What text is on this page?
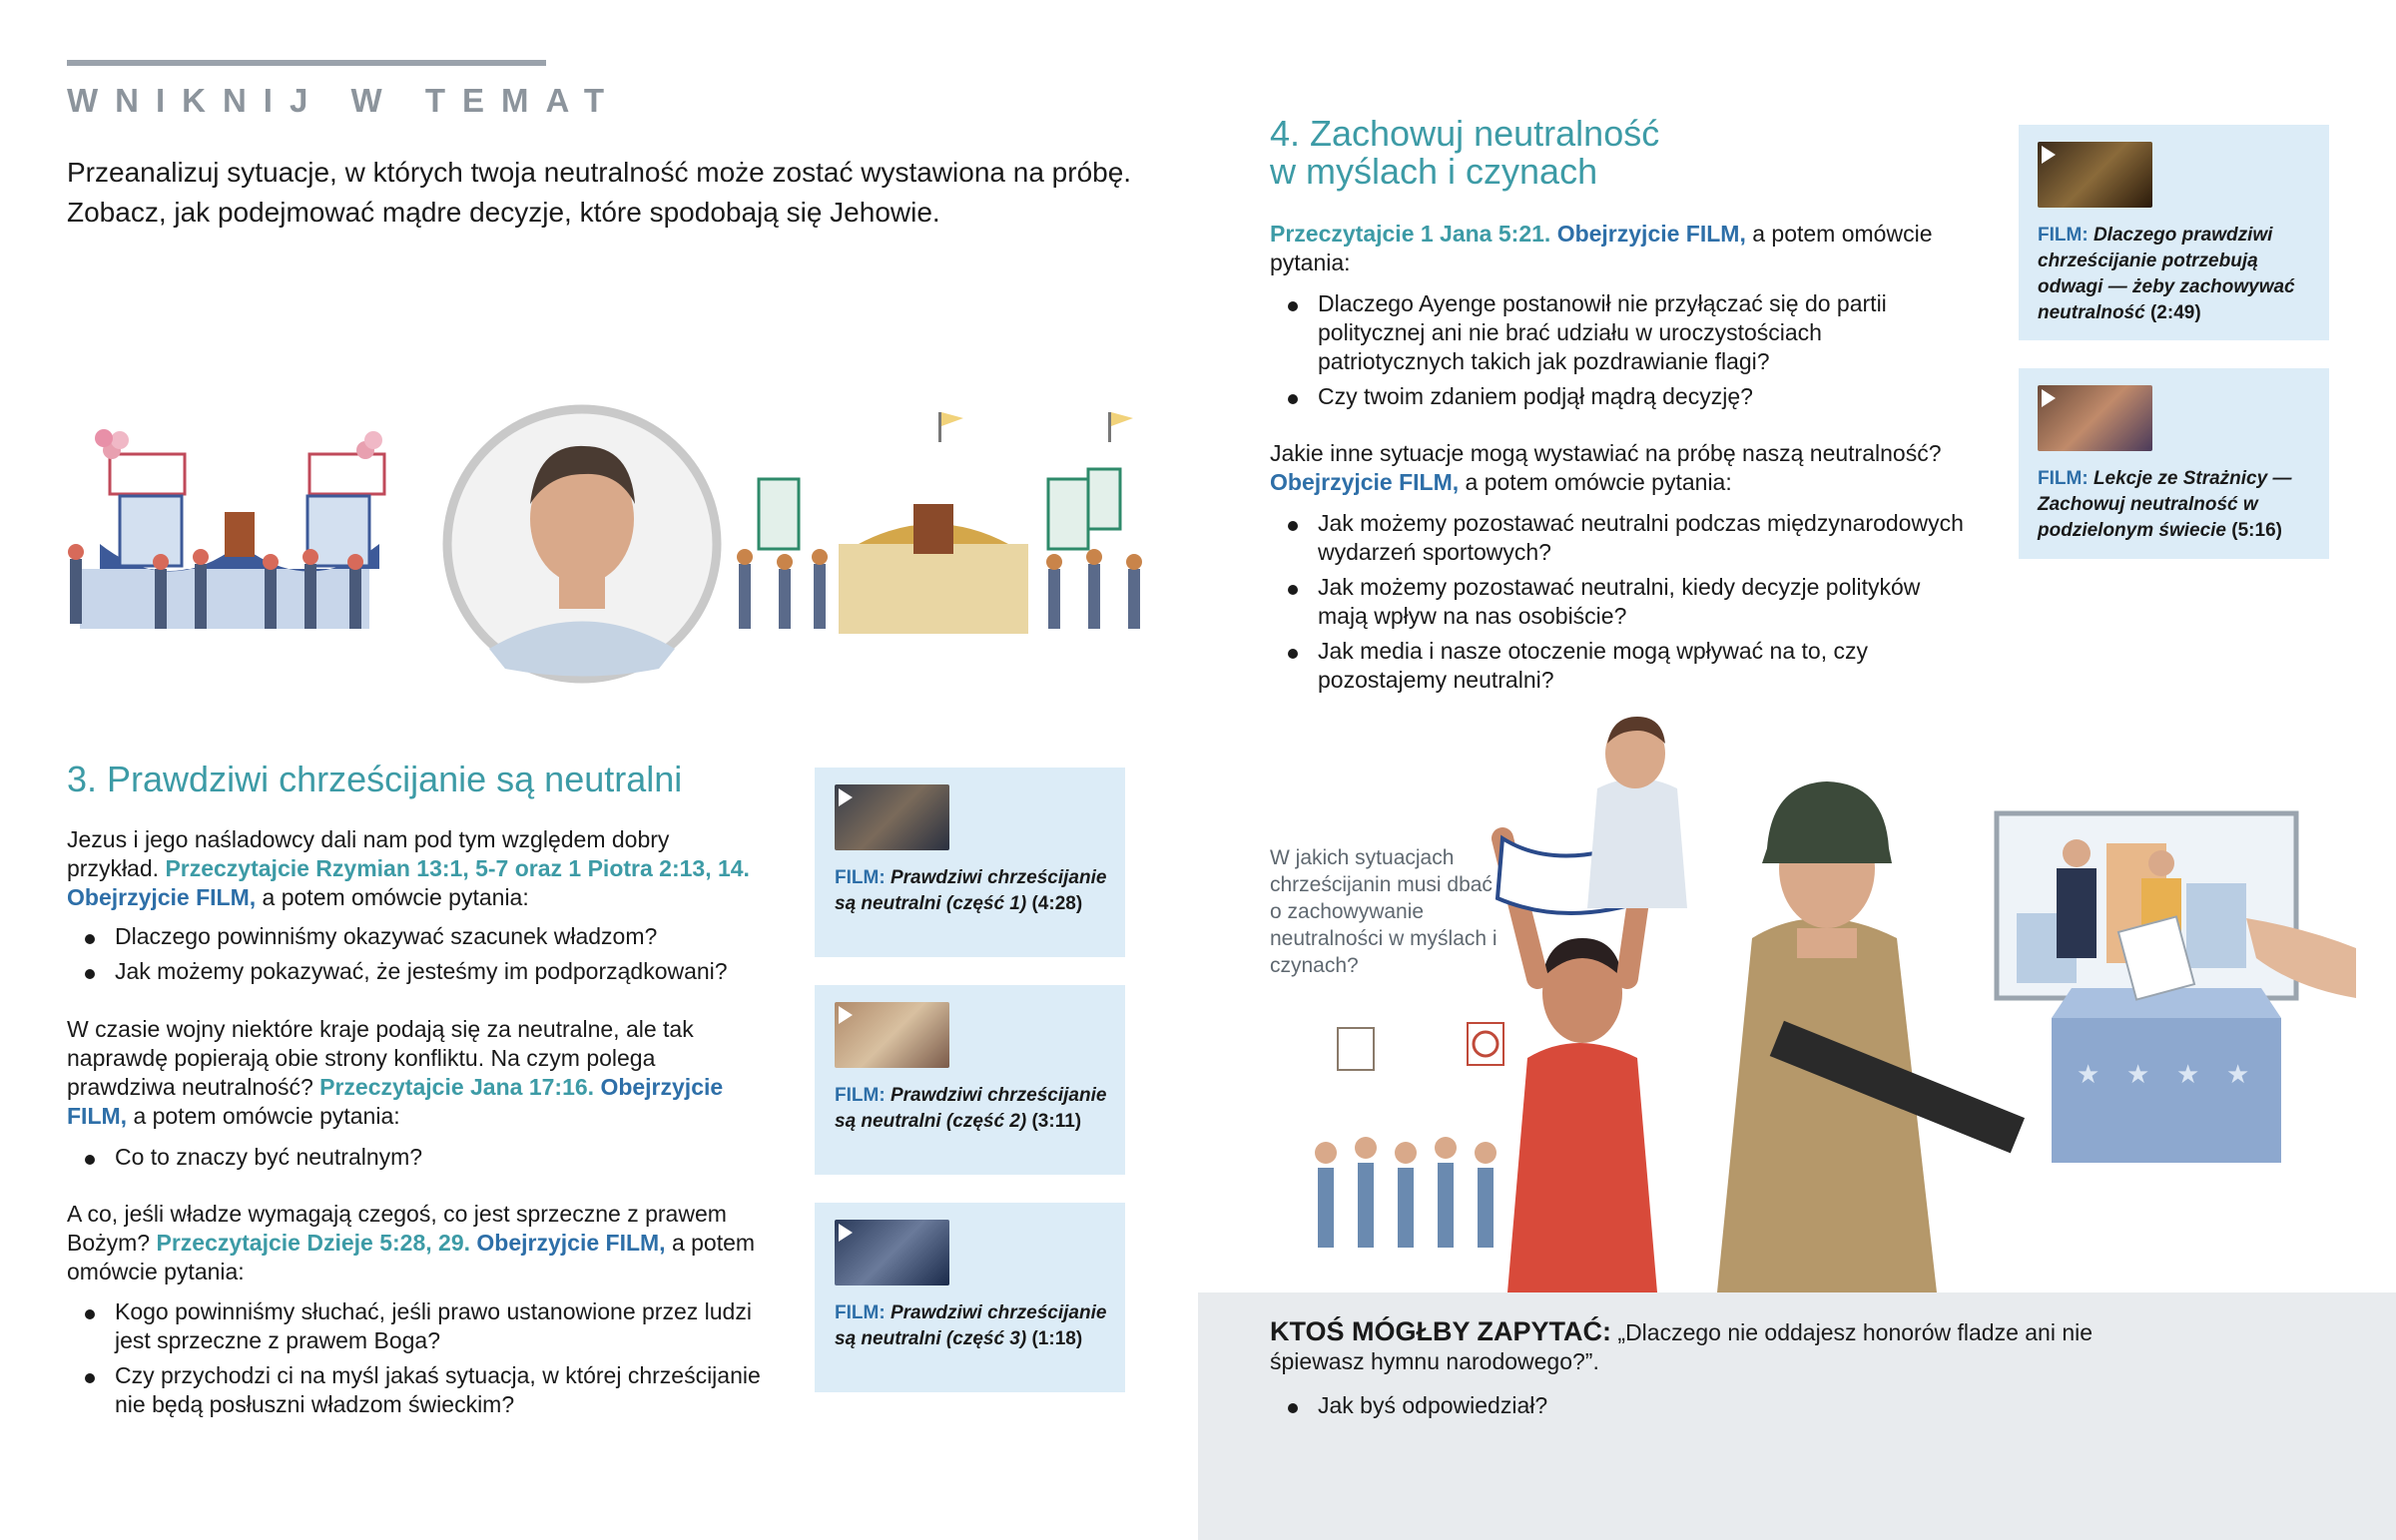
WNIKNIJ W TEMAT

Przeanalizuj sytuacje, w których twoja neutralność może zostać wystawiona na próbę. Zobacz, jak podejmować mądre decyzje, które spodobają się Jehowie.

3. Prawdziwi chrześcijanie są neutralni

Jezus i jego naśladowcy dali nam pod tym względem dobry przykład. Przeczytajcie Rzymian 13:1, 5-7 oraz 1 Piotra 2:13, 14. Obejrzyjcie FILM, a potem omówcie pytania:

Dlaczego powinniśmy okazywać szacunek władzom?
Jak możemy pokazywać, że jesteśmy im podporządkowani?

W czasie wojny niektóre kraje podają się za neutralne, ale tak naprawdę popierają obie strony konfliktu. Na czym polega prawdziwa neutralność? Przeczytajcie Jana 17:16. Obejrzyjcie FILM, a potem omówcie pytania:

Co to znaczy być neutralnym?

A co, jeśli władze wymagają czegoś, co jest sprzeczne z prawem Bożym? Przeczytajcie Dzieje 5:28, 29. Obejrzyjcie FILM, a potem omówcie pytania:

Kogo powinniśmy słuchać, jeśli prawo ustanowione przez ludzi jest sprzeczne z prawem Boga?
Czy przychodzi ci na myśl jakaś sytuacja, w której chrześcijanie nie będą posłuszni władzom świeckim?
FILM: Prawdziwi chrześcijanie są neutralni (część 1) (4:28)
FILM: Prawdziwi chrześcijanie są neutralni (część 2) (3:11)
FILM: Prawdziwi chrześcijanie są neutralni (część 3) (1:18)
FILM: Dlaczego prawdziwi chrześcijanie potrzebują odwagi — żeby zachowywać neutralność (2:49)
FILM: Lekcje ze Strażnicy — Zachowuj neutralność w podzielonym świecie (5:16)
4. Zachowuj neutralność
w myślach i czynach

Przeczytajcie 1 Jana 5:21. Obejrzyjcie FILM, a potem omówcie pytania:

Dlaczego Ayenge postanowił nie przyłączać się do partii politycznej ani nie brać udziału w uroczystościach patriotycznych takich jak pozdrawianie flagi?
Czy twoim zdaniem podjął mądrą decyzję?

Jakie inne sytuacje mogą wystawiać na próbę naszą neutralność? Obejrzyjcie FILM, a potem omówcie pytania:

Jak możemy pozostawać neutralni podczas międzynarodowych wydarzeń sportowych?
Jak możemy pozostawać neutralni, kiedy decyzje polityków mają wpływ na nas osobiście?
Jak media i nasze otoczenie mogą wpływać na to, czy pozostajemy neutralni?
★ ★ ★ ★

W jakich sytuacjach chrześcijanin musi dbać o zachowywanie neutralności w myślach i czynach?

KTOŚ MÓGŁBY ZAPYTAĆ: „Dlaczego nie oddajesz honorów fladze ani nie śpiewasz hymnu narodowego?”.

Jak byś odpowiedział?
